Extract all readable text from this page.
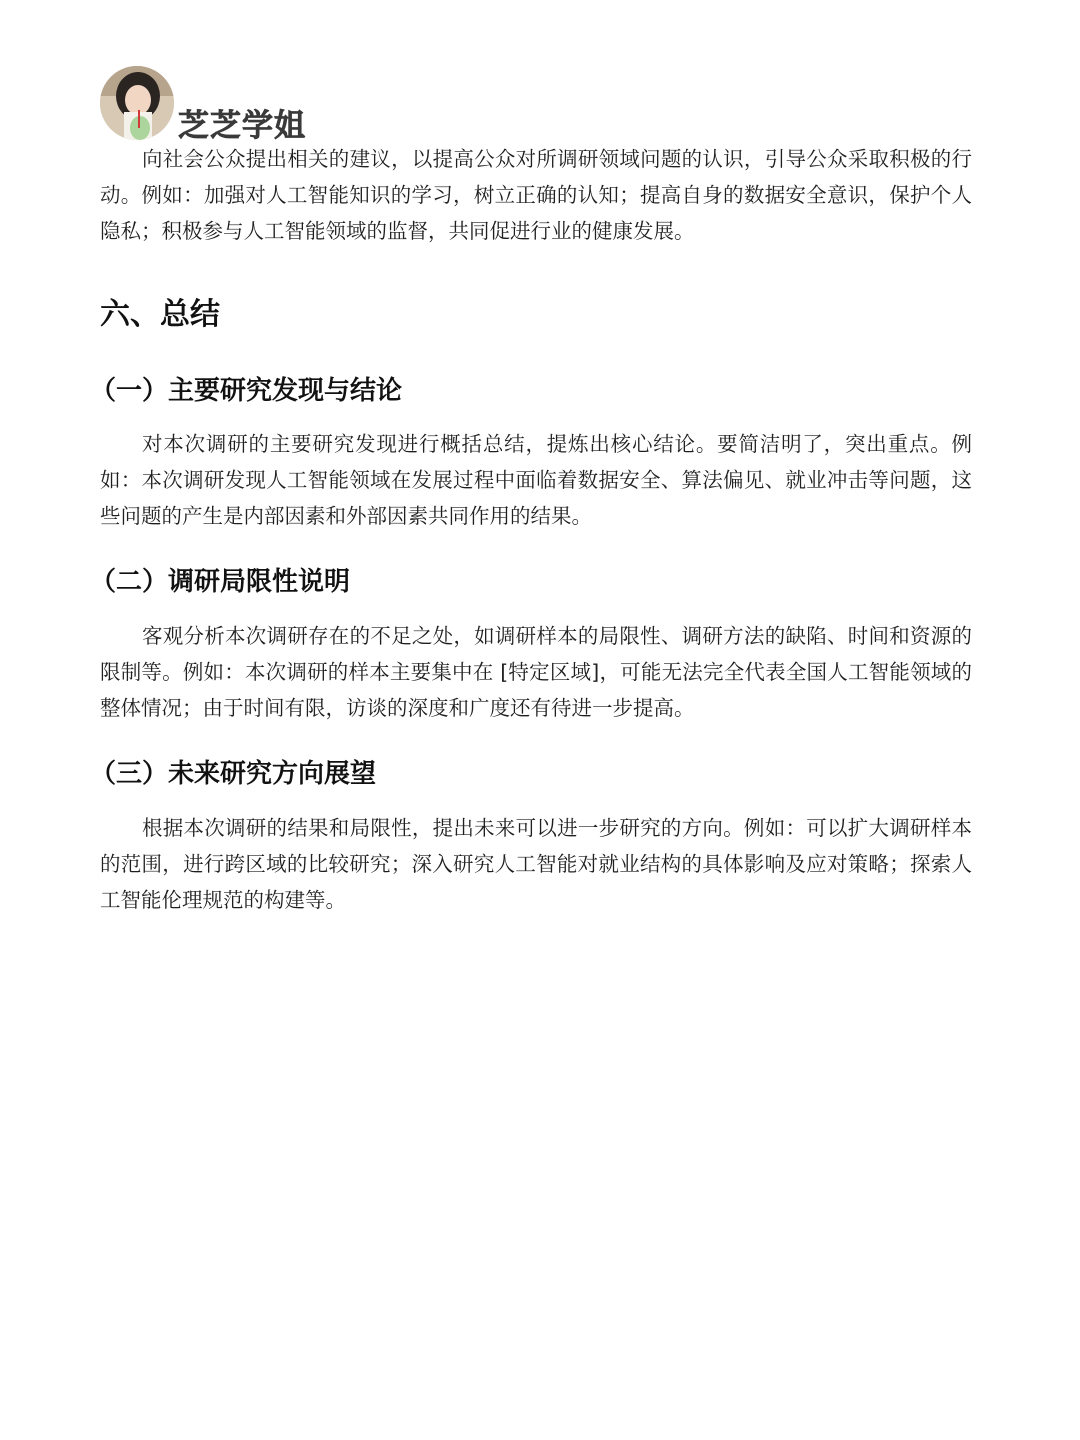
芝芝学姐

向社会公众提出相关的建议，以提高公众对所调研领域问题的认识，引导公众采取积极的行动。例如：加强对人工智能知识的学习，树立正确的认知；提高自身的数据安全意识，保护个人隐私；积极参与人工智能领域的监督，共同促进行业的健康发展。

六、总结
（一）主要研究发现与结论

对本次调研的主要研究发现进行概括总结，提炼出核心结论。要简洁明了，突出重点。例如：本次调研发现人工智能领域在发展过程中面临着数据安全、算法偏见、就业冲击等问题，这些问题的产生是内部因素和外部因素共同作用的结果。

（二）调研局限性说明

客观分析本次调研存在的不足之处，如调研样本的局限性、调研方法的缺陷、时间和资源的限制等。例如：本次调研的样本主要集中在 [特定区域]，可能无法完全代表全国人工智能领域的整体情况；由于时间有限，访谈的深度和广度还有待进一步提高。

（三）未来研究方向展望

根据本次调研的结果和局限性，提出未来可以进一步研究的方向。例如：可以扩大调研样本的范围，进行跨区域的比较研究；深入研究人工智能对就业结构的具体影响及应对策略；探索人工智能伦理规范的构建等。
